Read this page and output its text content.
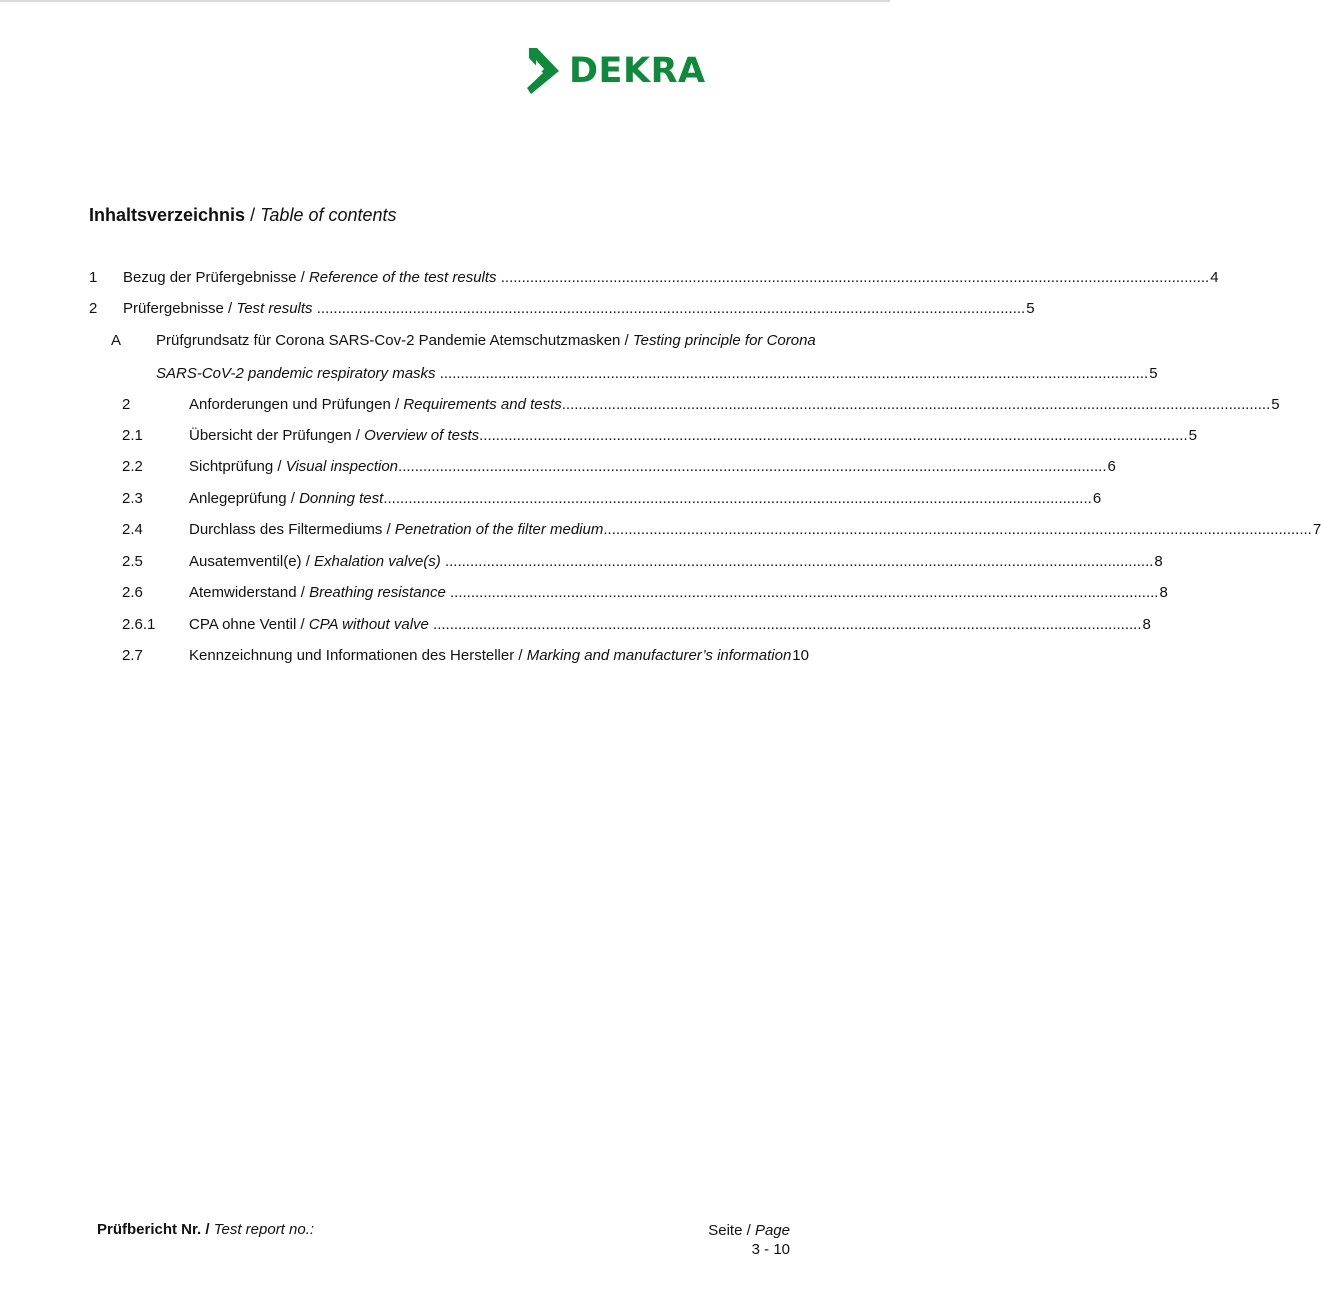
DEKRA
Inhaltsverzeichnis / Table of contents
1 Bezug der Prüfergebnisse / Reference of the test results .......................................................................................................................................................................... 4
2 Prüfergebnisse / Test results .......................................................................................................................................................................... 5
A Prüfgrundsatz für Corona SARS-Cov-2 Pandemie Atemschutzmasken / Testing principle for Corona
SARS-CoV-2 pandemic respiratory masks .......................................................................................................................................................................... 5
2	Anforderungen und Prüfungen / Requirements and tests .......................................................................................................................................................................... 5
2.1	Übersicht der Prüfungen / Overview of tests .......................................................................................................................................................................... 5
2.2	Sichtprüfung / Visual inspection .......................................................................................................................................................................... 6
2.3	Anlegeprüfung / Donning test .......................................................................................................................................................................... 6
2.4	Durchlass des Filtermediums / Penetration of the filter medium .......................................................................................................................................................................... 7
2.5	Ausatemventil(e) / Exhalation valve(s) .......................................................................................................................................................................... 8
2.6	Atemwiderstand / Breathing resistance .......................................................................................................................................................................... 8
2.6.1 CPA ohne Ventil / CPA without valve .......................................................................................................................................................................... 8
2.7	Kennzeichnung und Informationen des Hersteller / Marking and manufacturer’s information 10
Prüfbericht Nr. / Test report no.:	Seite / Page
3 - 10
